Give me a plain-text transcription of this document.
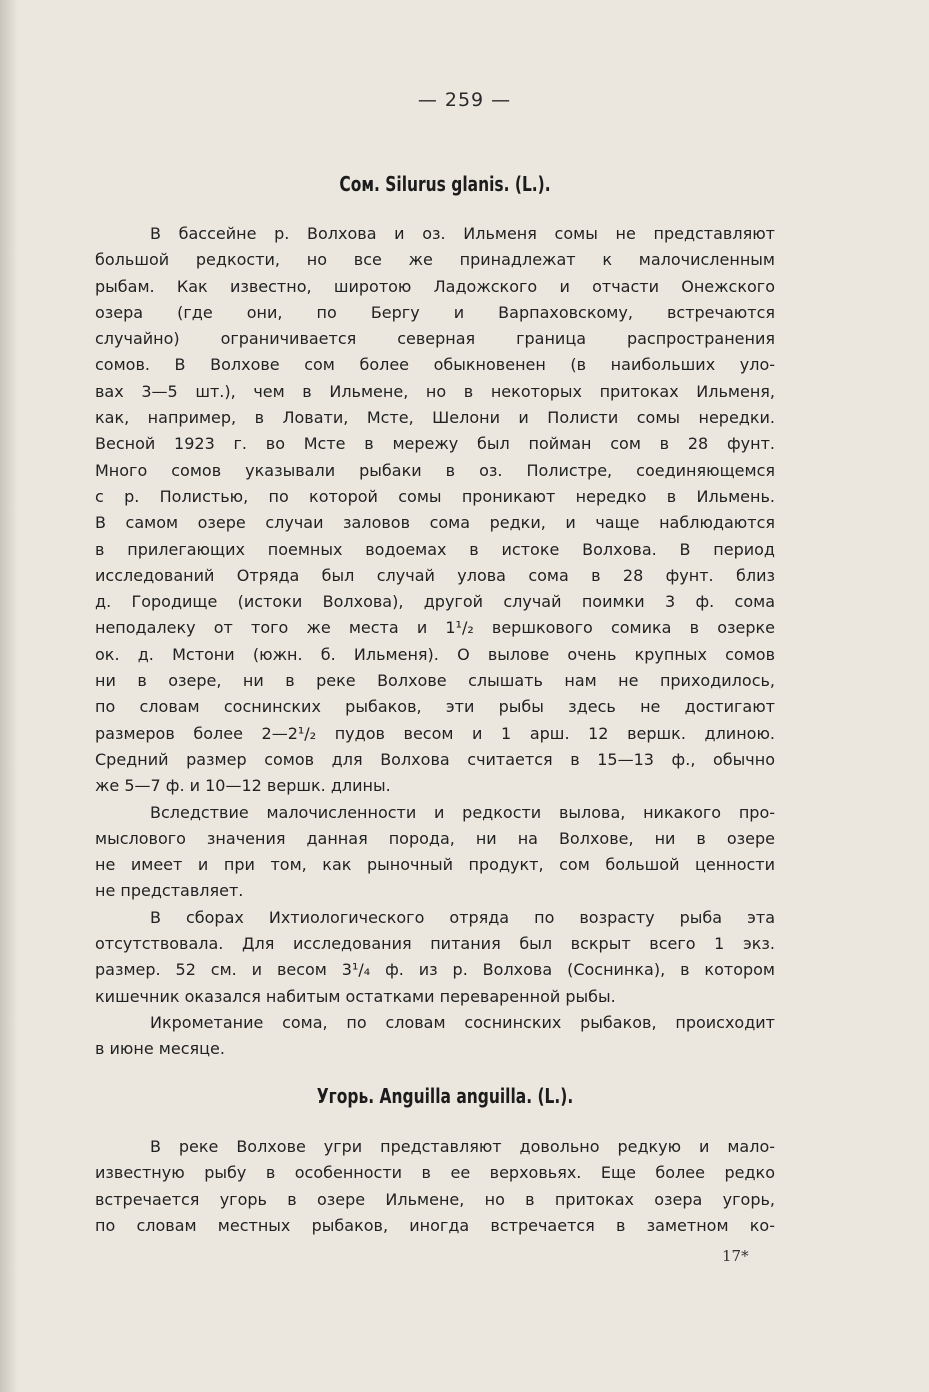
— 259 —
Сом. Silurus glanis. (L.).
В бассейне р. Волхова и оз. Ильменя сомы не представляют
большой редкости, но все же принадлежат к малочисленным
рыбам. Как известно, широтою Ладожского и отчасти Онежского
озера (где они, по Бергу и Варпаховскому, встречаются
случайно) ограничивается северная граница распространения
сомов. В Волхове сом более обыкновенен (в наибольших уло-
вах 3—5 шт.), чем в Ильмене, но в некоторых притоках Ильменя,
как, например, в Ловати, Мсте, Шелони и Полисти сомы нередки.
Весной 1923 г. во Мсте в мережу был пойман сом в 28 фунт.
Много сомов указывали рыбаки в оз. Полистре, соединяющемся
с р. Полистью, по которой сомы проникают нередко в Ильмень.
В самом озере случаи заловов сома редки, и чаще наблюдаются
в прилегающих поемных водоемах в истоке Волхова. В период
исследований Отряда был случай улова сома в 28 фунт. близ
д. Городище (истоки Волхова), другой случай поимки 3 ф. сома
неподалеку от того же места и 1¹/₂ вершкового сомика в озерке
ок. д. Мстони (южн. б. Ильменя). О вылове очень крупных сомов
ни в озере, ни в реке Волхове слышать нам не приходилось,
по словам соснинских рыбаков, эти рыбы здесь не достигают
размеров более 2—2¹/₂ пудов весом и 1 арш. 12 вершк. длиною.
Средний размер сомов для Волхова считается в 15—13 ф., обычно
же 5—7 ф. и 10—12 вершк. длины.
Вследствие малочисленности и редкости вылова, никакого про-
мыслового значения данная порода, ни на Волхове, ни в озере
не имеет и при том, как рыночный продукт, сом большой ценности
не представляет.
В сборах Ихтиологического отряда по возрасту рыба эта
отсутствовала. Для исследования питания был вскрыт всего 1 экз.
размер. 52 см. и весом 3¹/₄ ф. из р. Волхова (Соснинка), в котором
кишечник оказался набитым остатками переваренной рыбы.
Икрометание сома, по словам соснинских рыбаков, происходит
в июне месяце.
Угорь. Anguilla anguilla. (L.).
В реке Волхове угри представляют довольно редкую и мало-
известную рыбу в особенности в ее верховьях. Еще более редко
встречается угорь в озере Ильмене, но в притоках озера угорь,
по словам местных рыбаков, иногда встречается в заметном ко-
17*
